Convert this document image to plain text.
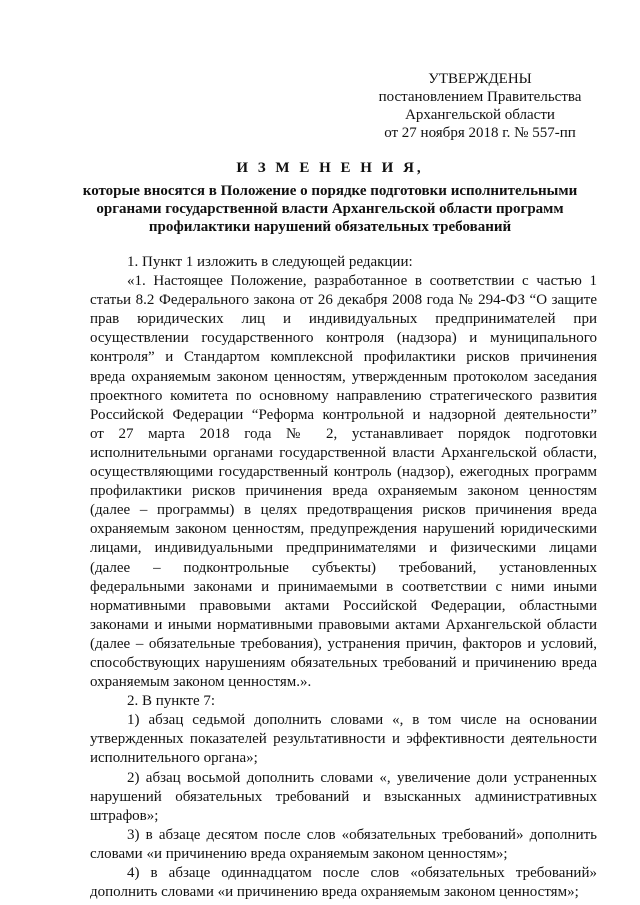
УТВЕРЖДЕНЫ
постановлением Правительства
Архангельской области
от 27 ноября 2018 г. № 557-пп
И З М Е Н Е Н И Я,
которые вносятся в Положение о порядке подготовки исполнительными
органами государственной власти Архангельской области программ
профилактики нарушений обязательных требований
1. Пункт 1 изложить в следующей редакции:
«1. Настоящее Положение, разработанное в соответствии с частью 1
статьи 8.2 Федерального закона от 26 декабря 2008 года № 294-ФЗ “О защите
прав юридических лиц и индивидуальных предпринимателей при
осуществлении государственного контроля (надзора) и муниципального
контроля” и Стандартом комплексной профилактики рисков причинения
вреда охраняемым законом ценностям, утвержденным протоколом заседания
проектного комитета по основному направлению стратегического развития
Российской Федерации “Реформа контрольной и надзорной деятельности”
от 27 марта 2018 года № 2, устанавливает порядок подготовки
исполнительными органами государственной власти Архангельской области,
осуществляющими государственный контроль (надзор), ежегодных программ
профилактики рисков причинения вреда охраняемым законом ценностям
(далее – программы) в целях предотвращения рисков причинения вреда
охраняемым законом ценностям, предупреждения нарушений юридическими
лицами, индивидуальными предпринимателями и физическими лицами
(далее – подконтрольные субъекты) требований, установленных
федеральными законами и принимаемыми в соответствии с ними иными
нормативными правовыми актами Российской Федерации, областными
законами и иными нормативными правовыми актами Архангельской области
(далее – обязательные требования), устранения причин, факторов и условий,
способствующих нарушениям обязательных требований и причинению вреда
охраняемым законом ценностям.».
2. В пункте 7:
1) абзац седьмой дополнить словами «, в том числе на основании
утвержденных показателей результативности и эффективности деятельности
исполнительного органа»;
2) абзац восьмой дополнить словами «, увеличение доли устраненных
нарушений обязательных требований и взысканных административных
штрафов»;
3) в абзаце десятом после слов «обязательных требований» дополнить
словами «и причинению вреда охраняемым законом ценностям»;
4) в абзаце одиннадцатом после слов «обязательных требований»
дополнить словами «и причинению вреда охраняемым законом ценностям»;
